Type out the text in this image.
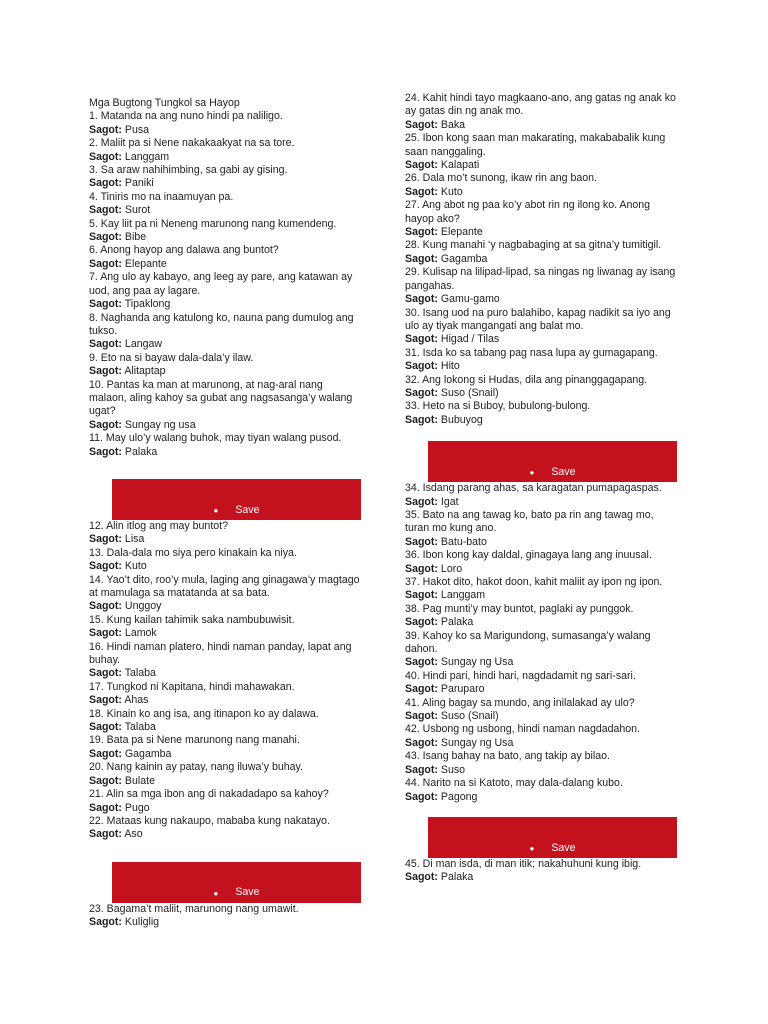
Mga Bugtong Tungkol sa Hayop
1. Matanda na ang nuno hindi pa naliligo.
Sagot: Pusa
2. Maliit pa si Nene nakakaakyat na sa tore.
Sagot: Langgam
3. Sa araw nahihimbing, sa gabi ay gising.
Sagot: Paniki
4. Tiniris mo na inaamuyan pa.
Sagot: Surot
5. Kay liit pa ni Neneng marunong nang kumendeng.
Sagot: Bibe
6. Anong hayop ang dalawa ang buntot?
Sagot: Elepante
7. Ang ulo ay kabayo, ang leeg ay pare, ang katawan ay uod, ang paa ay lagare.
Sagot: Tipaklong
8. Naghanda ang katulong ko, nauna pang dumulog ang tukso.
Sagot: Langaw
9. Eto na si bayaw dala-dala’y ilaw.
Sagot: Alitaptap
10. Pantas ka man at marunong, at nag-aral nang malaon, aling kahoy sa gubat ang nagsasanga’y walang ugat?
Sagot: Sungay ng usa
11. May ulo’y walang buhok, may tiyan walang pusod.
Sagot: Palaka
● Save
12. Alin itlog ang may buntot?
Sagot: Lisa
13. Dala-dala mo siya pero kinakain ka niya.
Sagot: Kuto
14. Yao’t dito, roo’y mula, laging ang ginagawa’y magtago at mamulaga sa matatanda at sa bata.
Sagot: Unggoy
15. Kung kailan tahimik saka nambubuwisit.
Sagot: Lamok
16. Hindi naman platero, hindi naman panday, lapat ang buhay.
Sagot: Talaba
17. Tungkod ni Kapitana, hindi mahawakan.
Sagot: Ahas
18. Kinain ko ang isa, ang itinapon ko ay dalawa.
Sagot: Talaba
19. Bata pa si Nene marunong nang manahi.
Sagot: Gagamba
20. Nang kainin ay patay, nang iluwa’y buhay.
Sagot: Bulate
21. Alin sa mga ibon ang di nakadadapo sa kahoy?
Sagot: Pugo
22. Mataas kung nakaupo, mababa kung nakatayo.
Sagot: Aso
● Save
23. Bagama’t maliit, marunong nang umawit.
Sagot: Kuliglig
24. Kahit hindi tayo magkaano-ano, ang gatas ng anak ko ay gatas din ng anak mo.
Sagot: Baka
25. Ibon kong saan man makarating, makababalik kung saan nanggaling.
Sagot: Kalapati
26. Dala mo’t sunong, ikaw rin ang baon.
Sagot: Kuto
27. Ang abot ng paa ko’y abot rin ng ilong ko. Anong hayop ako?
Sagot: Elepante
28. Kung manahi ‘y nagbabaging at sa gitna’y tumitigil.
Sagot: Gagamba
29. Kulisap na lilipad-lipad, sa ningas ng liwanag ay isang pangahas.
Sagot: Gamu-gamo
30. Isang uod na puro balahibo, kapag nadikit sa iyo ang ulo ay tiyak mangangati ang balat mo.
Sagot: Higad / Tilas
31. Isda ko sa tabang pag nasa lupa ay gumagapang.
Sagot: Hito
32. Ang lokong si Hudas, dila ang pinanggagapang.
Sagot: Suso (Snail)
33. Heto na si Buboy, bubulong-bulong.
Sagot: Bubuyog
● Save
34. Isdang parang ahas, sa karagatan pumapagaspas.
Sagot: Igat
35. Bato na ang tawag ko, bato pa rin ang tawag mo, turan mo kung ano.
Sagot: Batu-bato
36. Ibon kong kay daldal, ginagaya lang ang inuusal.
Sagot: Loro
37. Hakot dito, hakot doon, kahit maliit ay ipon ng ipon.
Sagot: Langgam
38. Pag munti’y may buntot, paglaki ay punggok.
Sagot: Palaka
39. Kahoy ko sa Marigundong, sumasanga’y walang dahon.
Sagot: Sungay ng Usa
40. Hindi pari, hindi hari, nagdadamit ng sari-sari.
Sagot: Paruparo
41. Aling bagay sa mundo, ang inilalakad ay ulo?
Sagot: Suso (Snail)
42. Usbong ng usbong, hindi naman nagdadahon.
Sagot: Sungay ng Usa
43. Isang bahay na bato, ang takip ay bilao.
Sagot: Suso
44. Narito na si Katoto, may dala-dalang kubo.
Sagot: Pagong
● Save
45. Di man isda, di man itik; nakahuhuni kung ibig.
Sagot: Palaka
